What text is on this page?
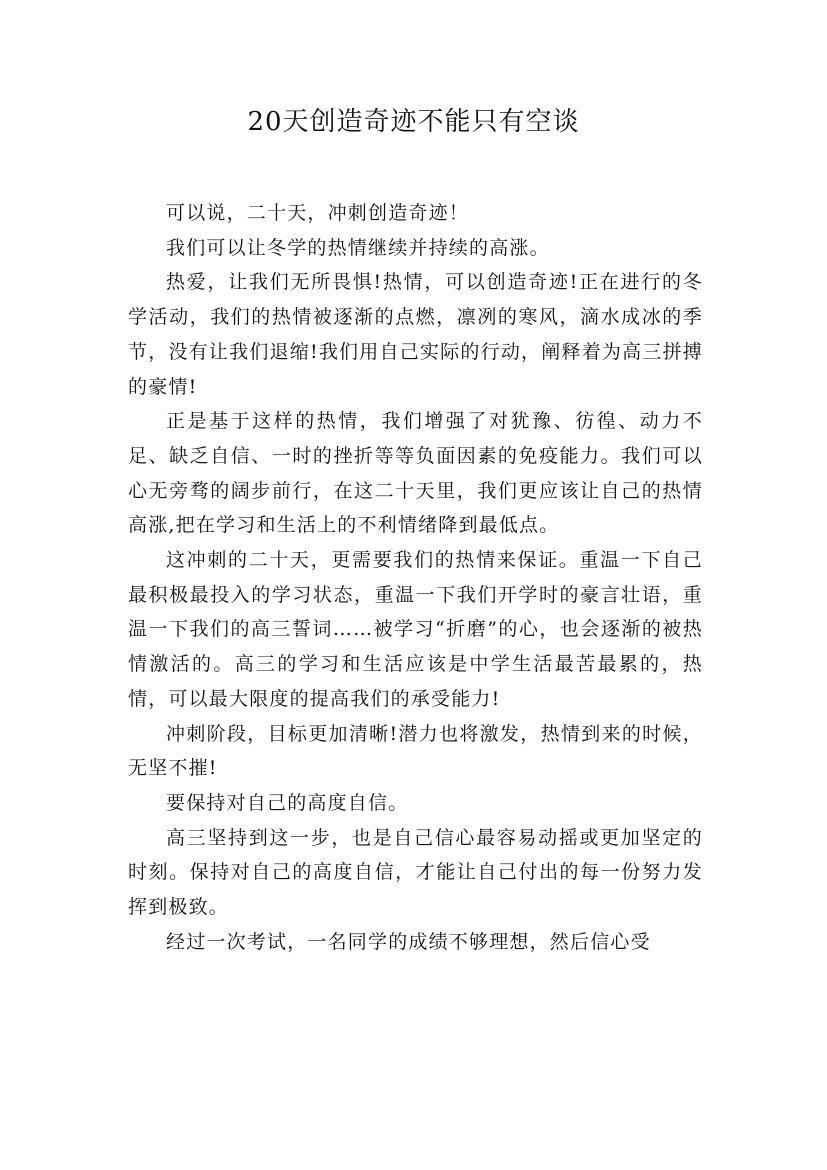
20天创造奇迹不能只有空谈

可以说，二十天，冲刺创造奇迹！

我们可以让冬学的热情继续并持续的高涨。

热爱，让我们无所畏惧!热情，可以创造奇迹!正在进行的冬学活动，我们的热情被逐渐的点燃，凛冽的寒风，滴水成冰的季节，没有让我们退缩!我们用自己实际的行动，阐释着为高三拼搏的豪情!

正是基于这样的热情，我们增强了对犹豫、彷徨、动力不足、缺乏自信、一时的挫折等等负面因素的免疫能力。我们可以心无旁骛的阔步前行，在这二十天里，我们更应该让自己的热情高涨,把在学习和生活上的不利情绪降到最低点。

这冲刺的二十天，更需要我们的热情来保证。重温一下自己最积极最投入的学习状态，重温一下我们开学时的豪言壮语，重温一下我们的高三誓词……被学习“折磨”的心，也会逐渐的被热情激活的。高三的学习和生活应该是中学生活最苦最累的，热情，可以最大限度的提高我们的承受能力!

冲刺阶段，目标更加清晰!潜力也将激发，热情到来的时候，无坚不摧!

要保持对自己的高度自信。

高三坚持到这一步，也是自己信心最容易动摇或更加坚定的时刻。保持对自己的高度自信，才能让自己付出的每一份努力发挥到极致。

经过一次考试，一名同学的成绩不够理想，然后信心受
